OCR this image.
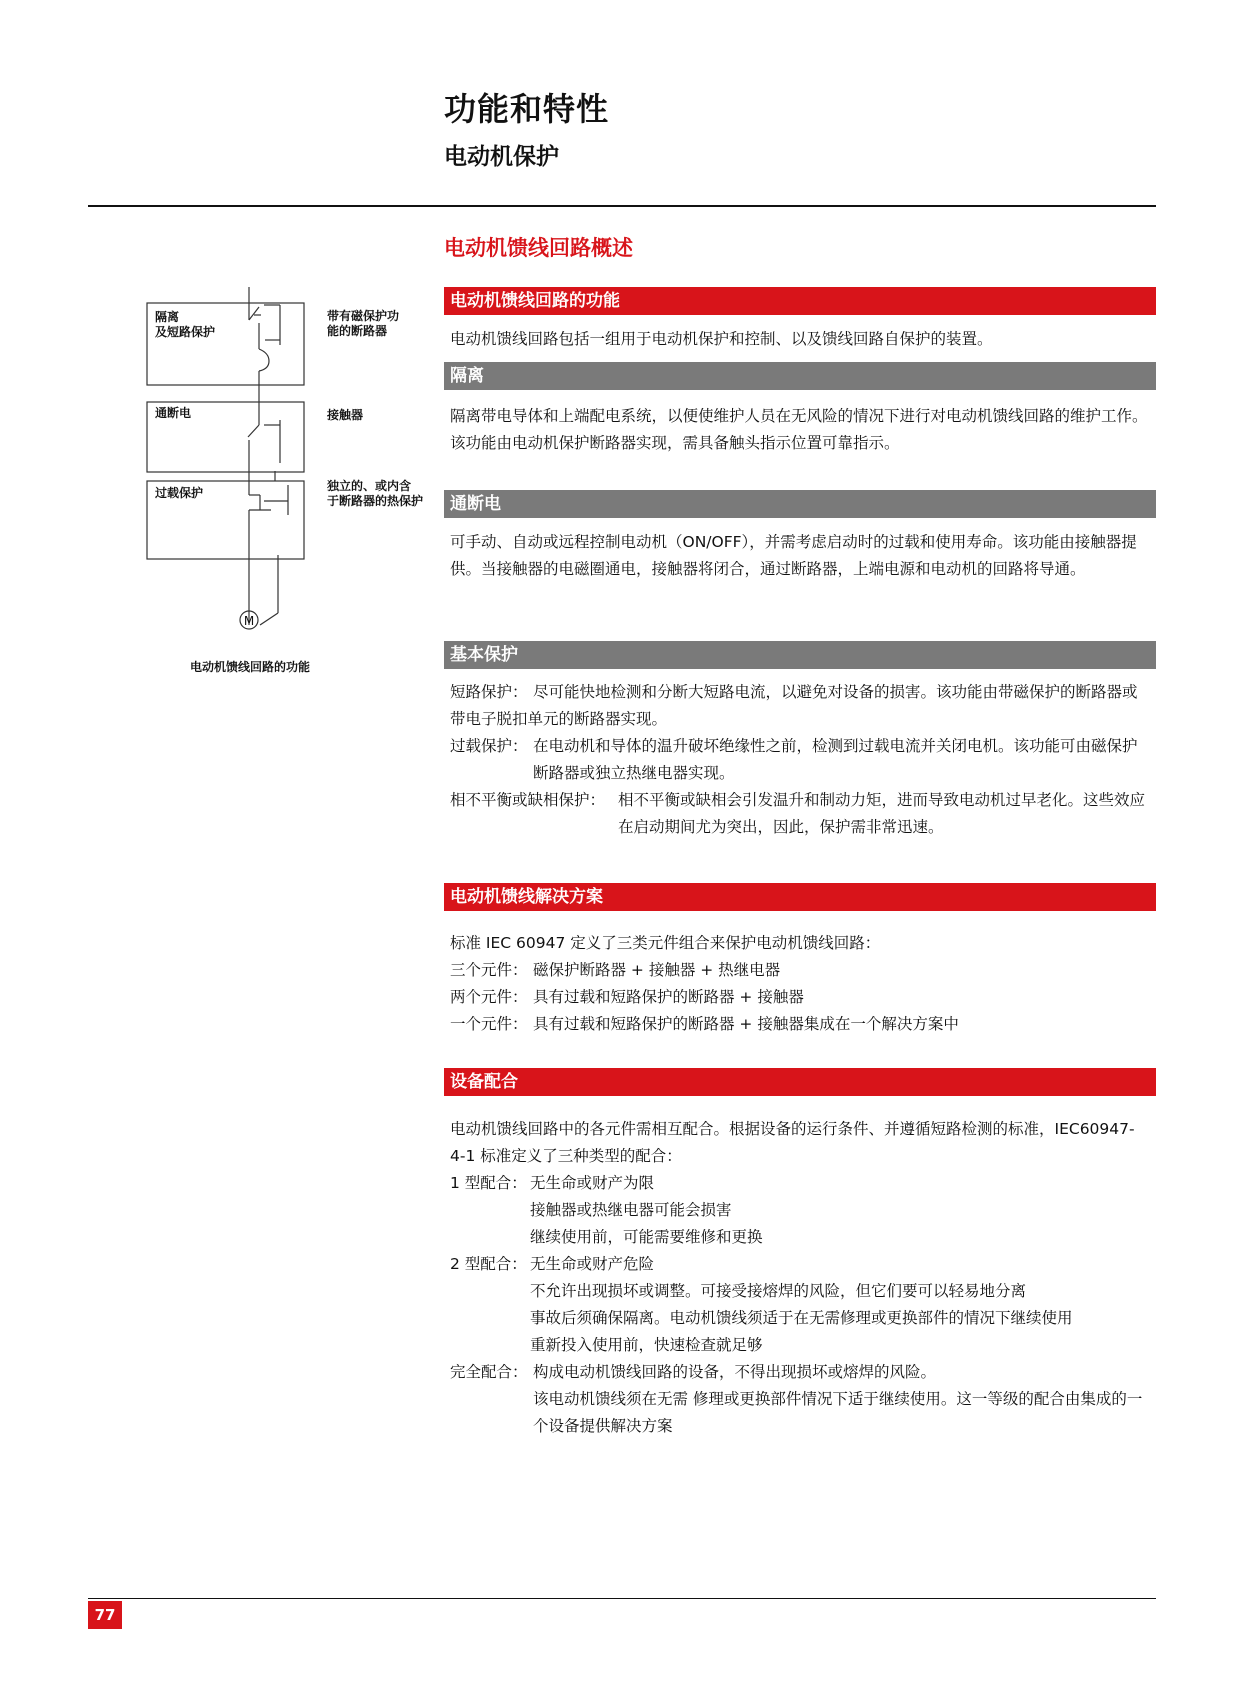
功能和特性
电动机保护
电动机馈线回路概述
M
隔离
及短路保护
通断电
过载保护
带有磁保护功
能的断路器
接触器
独立的、或内含
于断路器的热保护
电动机馈线回路的功能
电动机馈线回路的功能
电动机馈线回路包括一组用于电动机保护和控制、以及馈线回路自保护的装置。
隔离
隔离带电导体和上端配电系统，以便使维护人员在无风险的情况下进行对电动机馈线回路的维护工作。该功能由电动机保护断路器实现，需具备触头指示位置可靠指示。
通断电
可手动、自动或远程控制电动机（ON/OFF），并需考虑启动时的过载和使用寿命。该功能由接触器提供。当接触器的电磁圈通电，接触器将闭合，通过断路器，上端电源和电动机的回路将导通。
基本保护
短路保护： 尽可能快地检测和分断大短路电流，以避免对设备的损害。该功能由带磁保护的断路器或带电子脱扣单元的断路器实现。
过载保护： 在电动机和导体的温升破坏绝缘性之前，检测到过载电流并关闭电机。该功能可由磁保护断路器或独立热继电器实现。
相不平衡或缺相保护： 相不平衡或缺相会引发温升和制动力矩，进而导致电动机过早老化。这些效应在启动期间尤为突出，因此，保护需非常迅速。
电动机馈线解决方案
标准 IEC 60947 定义了三类元件组合来保护电动机馈线回路：
三个元件： 磁保护断路器 + 接触器 + 热继电器
两个元件： 具有过载和短路保护的断路器 + 接触器
一个元件： 具有过载和短路保护的断路器 + 接触器集成在一个解决方案中
设备配合
电动机馈线回路中的各元件需相互配合。根据设备的运行条件、并遵循短路检测的标准，IEC60947-4-1 标准定义了三种类型的配合：
1 型配合： 无生命或财产为限
接触器或热继电器可能会损害
继续使用前，可能需要维修和更换
2 型配合： 无生命或财产危险
不允许出现损坏或调整。可接受接熔焊的风险，但它们要可以轻易地分离
事故后须确保隔离。电动机馈线须适于在无需修理或更换部件的情况下继续使用
重新投入使用前，快速检查就足够
完全配合： 构成电动机馈线回路的设备，不得出现损坏或熔焊的风险。
该电动机馈线须在无需 修理或更换部件情况下适于继续使用。这一等级的配合由集成的一个设备提供解决方案
77
